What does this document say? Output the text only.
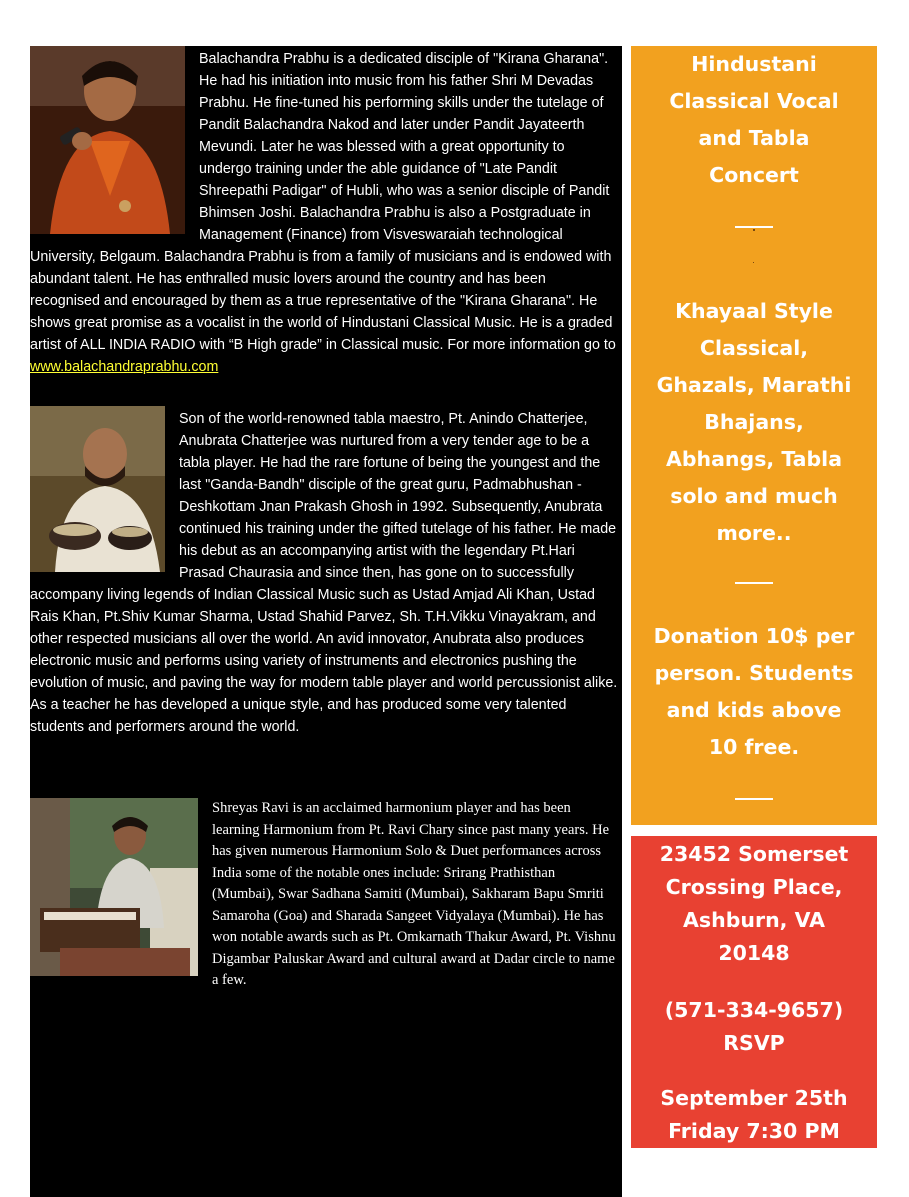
Balachandra Prabhu is a dedicated disciple of "Kirana Gharana". He had his initiation into music from his father Shri M Devadas Prabhu. He fine-tuned his performing skills under the tutelage of Pandit Balachandra Nakod and later under Pandit Jayateerth Mevundi. Later he was blessed with a great opportunity to undergo training under the able guidance of "Late Pandit Shreepathi Padigar" of Hubli, who was a senior disciple of Pandit Bhimsen Joshi. Balachandra Prabhu is also a Postgraduate in Management (Finance) from Visveswaraiah technological University, Belgaum. Balachandra Prabhu is from a family of musicians and is endowed with abundant talent. He has enthralled music lovers around the country and has been recognised and encouraged by them as a true representative of the "Kirana Gharana". He shows great promise as a vocalist in the world of Hindustani Classical Music. He is a graded artist of ALL INDIA RADIO with “B High grade” in Classical music. For more information go to www.balachandraprabhu.com
Son of the world-renowned tabla maestro, Pt. Anindo Chatterjee, Anubrata Chatterjee was nurtured from a very tender age to be a tabla player. He had the rare fortune of being the youngest and the last "Ganda-Bandh" disciple of the great guru, Padmabhushan - Deshkottam Jnan Prakash Ghosh in 1992. Subsequently, Anubrata continued his training under the gifted tutelage of his father. He made his debut as an accompanying artist with the legendary Pt.Hari Prasad Chaurasia and since then, has gone on to successfully accompany living legends of Indian Classical Music such as Ustad Amjad Ali Khan, Ustad Rais Khan, Pt.Shiv Kumar Sharma, Ustad Shahid Parvez, Sh. T.H.Vikku Vinayakram, and other respected musicians all over the world. An avid innovator, Anubrata also produces electronic music and performs using variety of instruments and electronics pushing the evolution of music, and paving the way for modern table player and world percussionist alike. As a teacher he has developed a unique style, and has produced some very talented students and performers around the world.
Shreyas Ravi is an acclaimed harmonium player and has been learning Harmonium from Pt. Ravi Chary since past many years. He has given numerous Harmonium Solo & Duet performances across India some of the notable ones include: Srirang Prathisthan (Mumbai), Swar Sadhana Samiti (Mumbai), Sakharam Bapu Smriti Samaroha (Goa) and Sharada Sangeet Vidyalaya (Mumbai). He has won notable awards such as Pt. Omkarnath Thakur Award, Pt. Vishnu Digambar Paluskar Award and cultural award at Dadar circle to name a few.
Hindustani
Classical Vocal
and Tabla
Concert
Khayaal Style
Classical,
Ghazals, Marathi
Bhajans,
Abhangs, Tabla
solo and much
more..
Donation 10$ per
person. Students
and kids above
10 free.
23452 Somerset
Crossing Place,
Ashburn, VA
20148
(571-334-9657)
RSVP
September 25th
Friday 7:30 PM
